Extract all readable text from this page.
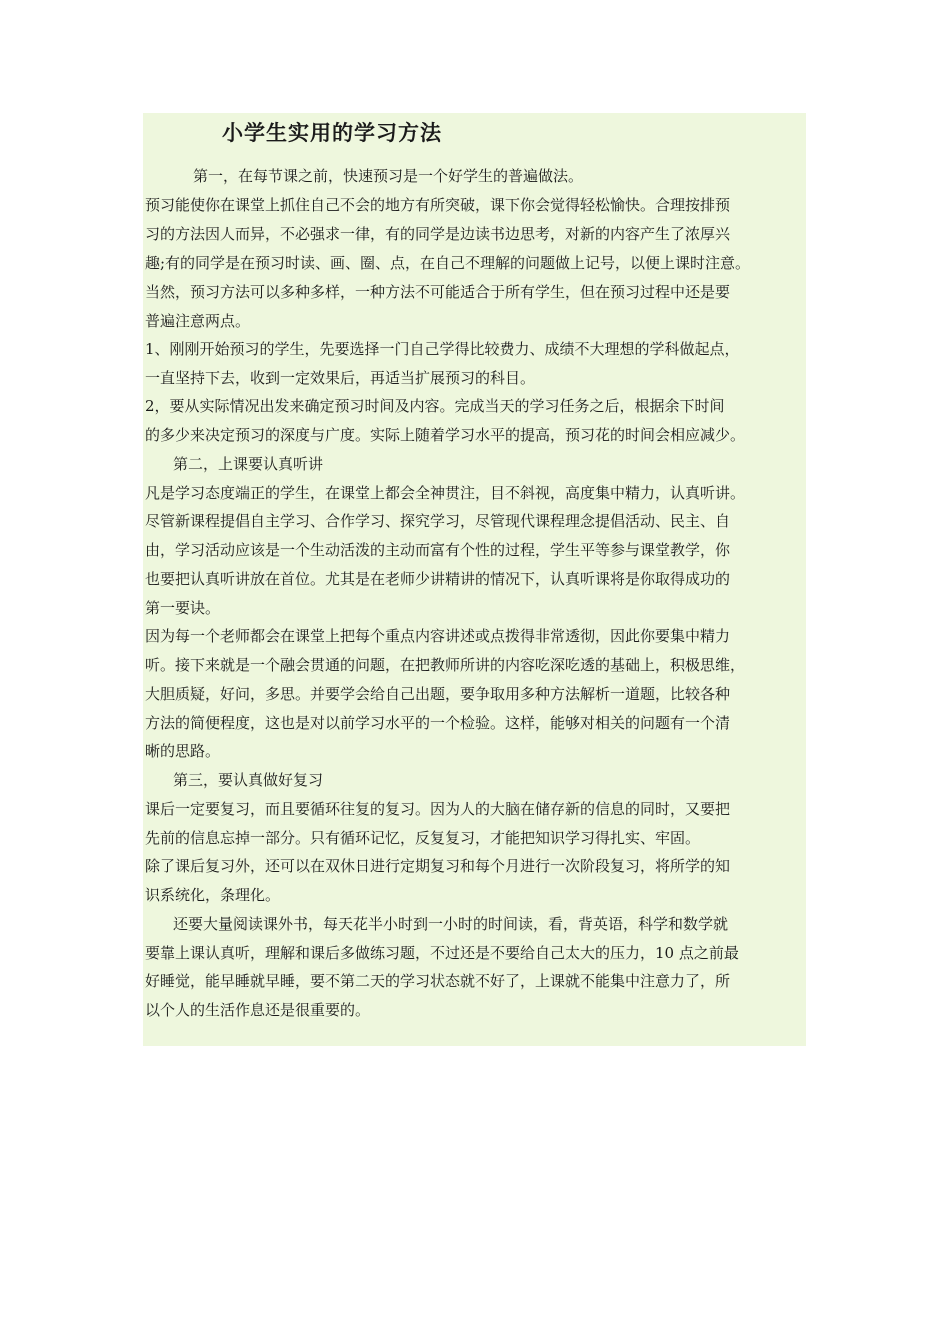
小学生实用的学习方法
第一，在每节课之前，快速预习是一个好学生的普遍做法。
预习能使你在课堂上抓住自己不会的地方有所突破，课下你会觉得轻松愉快。合理按排预
习的方法因人而异，不必强求一律，有的同学是边读书边思考，对新的内容产生了浓厚兴
趣;有的同学是在预习时读、画、圈、点，在自己不理解的问题做上记号，以便上课时注意。
当然，预习方法可以多种多样，一种方法不可能适合于所有学生，但在预习过程中还是要
普遍注意两点。
1、刚刚开始预习的学生，先要选择一门自己学得比较费力、成绩不大理想的学科做起点，
一直坚持下去，收到一定效果后，再适当扩展预习的科目。
2，要从实际情况出发来确定预习时间及内容。完成当天的学习任务之后，根据余下时间
的多少来决定预习的深度与广度。实际上随着学习水平的提高，预习花的时间会相应减少。
第二，上课要认真听讲
凡是学习态度端正的学生，在课堂上都会全神贯注，目不斜视，高度集中精力，认真听讲。
尽管新课程提倡自主学习、合作学习、探究学习，尽管现代课程理念提倡活动、民主、自
由，学习活动应该是一个生动活泼的主动而富有个性的过程，学生平等参与课堂教学，你
也要把认真听讲放在首位。尤其是在老师少讲精讲的情况下，认真听课将是你取得成功的
第一要诀。
因为每一个老师都会在课堂上把每个重点内容讲述或点拨得非常透彻，因此你要集中精力
听。接下来就是一个融会贯通的问题，在把教师所讲的内容吃深吃透的基础上，积极思维，
大胆质疑，好问，多思。并要学会给自己出题，要争取用多种方法解析一道题，比较各种
方法的简便程度，这也是对以前学习水平的一个检验。这样，能够对相关的问题有一个清
晰的思路。
第三，要认真做好复习
课后一定要复习，而且要循环往复的复习。因为人的大脑在储存新的信息的同时，又要把
先前的信息忘掉一部分。只有循环记忆，反复复习，才能把知识学习得扎实、牢固。
除了课后复习外，还可以在双休日进行定期复习和每个月进行一次阶段复习，将所学的知
识系统化，条理化。
还要大量阅读课外书，每天花半小时到一小时的时间读，看，背英语，科学和数学就
要靠上课认真听，理解和课后多做练习题，不过还是不要给自己太大的压力，10 点之前最
好睡觉，能早睡就早睡，要不第二天的学习状态就不好了，上课就不能集中注意力了，所
以个人的生活作息还是很重要的。
